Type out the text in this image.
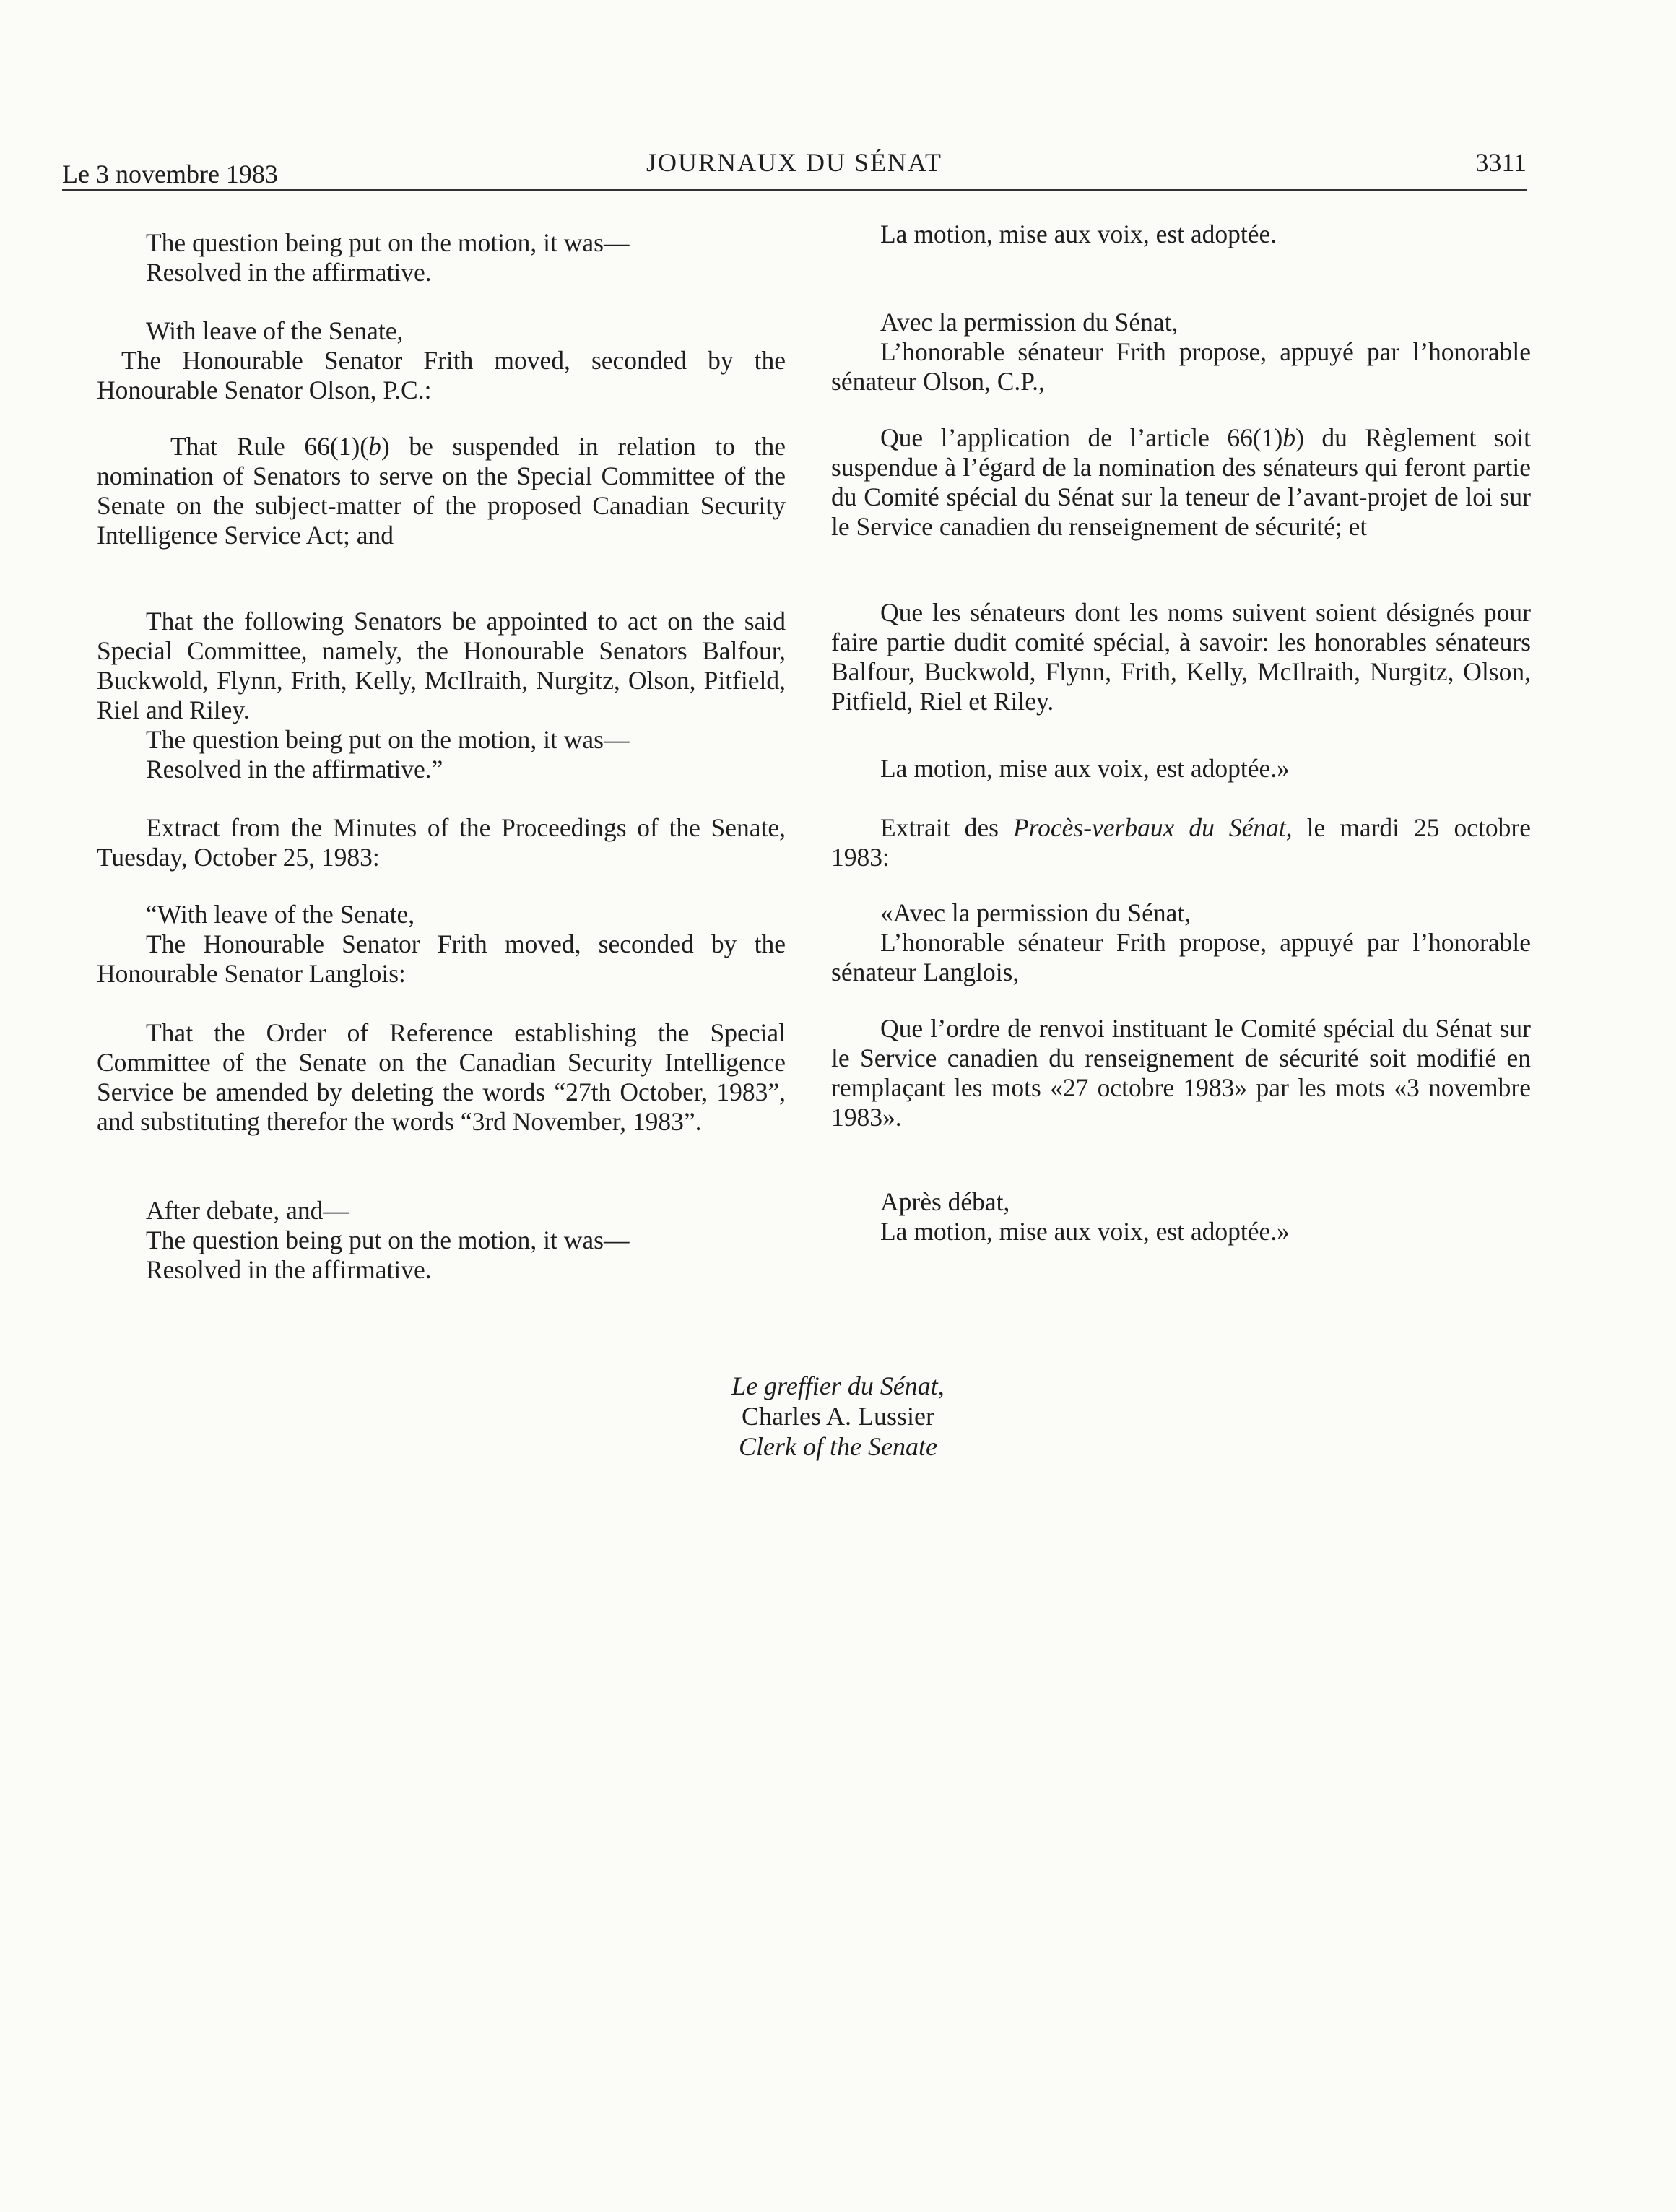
Le 3 novembre 1983	JOURNAUX DU SÉNAT	3311

The question being put on the motion, it was—

Resolved in the affirmative.

With leave of the Senate,

The Honourable Senator Frith moved, seconded by the Honourable Senator Olson, P.C.:

That Rule 66(1)(b) be suspended in relation to the nomination of Senators to serve on the Special Committee of the Senate on the subject-matter of the proposed Canadian Security Intelligence Service Act; and

That the following Senators be appointed to act on the said Special Committee, namely, the Honourable Senators Balfour, Buckwold, Flynn, Frith, Kelly, McIlraith, Nurgitz, Olson, Pitfield, Riel and Riley.

The question being put on the motion, it was—

Resolved in the affirmative.”

Extract from the Minutes of the Proceedings of the Senate, Tuesday, October 25, 1983:

“With leave of the Senate,

The Honourable Senator Frith moved, seconded by the Honourable Senator Langlois:

That the Order of Reference establishing the Special Committee of the Senate on the Canadian Security Intelligence Service be amended by deleting the words “27th October, 1983”, and substituting therefor the words “3rd November, 1983”.

After debate, and—

The question being put on the motion, it was—

Resolved in the affirmative.

La motion, mise aux voix, est adoptée.

Avec la permission du Sénat,

L’honorable sénateur Frith propose, appuyé par l’honorable sénateur Olson, C.P.,

Que l’application de l’article 66(1)b) du Règlement soit suspendue à l’égard de la nomination des sénateurs qui feront partie du Comité spécial du Sénat sur la teneur de l’avant-projet de loi sur le Service canadien du renseignement de sécurité; et

Que les sénateurs dont les noms suivent soient désignés pour faire partie dudit comité spécial, à savoir: les honorables sénateurs Balfour, Buckwold, Flynn, Frith, Kelly, McIlraith, Nurgitz, Olson, Pitfield, Riel et Riley.

La motion, mise aux voix, est adoptée.»

Extrait des Procès-verbaux du Sénat, le mardi 25 octobre 1983:

«Avec la permission du Sénat,

L’honorable sénateur Frith propose, appuyé par l’honorable sénateur Langlois,

Que l’ordre de renvoi instituant le Comité spécial du Sénat sur le Service canadien du renseignement de sécurité soit modifié en remplaçant les mots «27 octobre 1983» par les mots «3 novembre 1983».

Après débat,

La motion, mise aux voix, est adoptée.»

Le greffier du Sénat,
Charles A. Lussier
Clerk of the Senate
